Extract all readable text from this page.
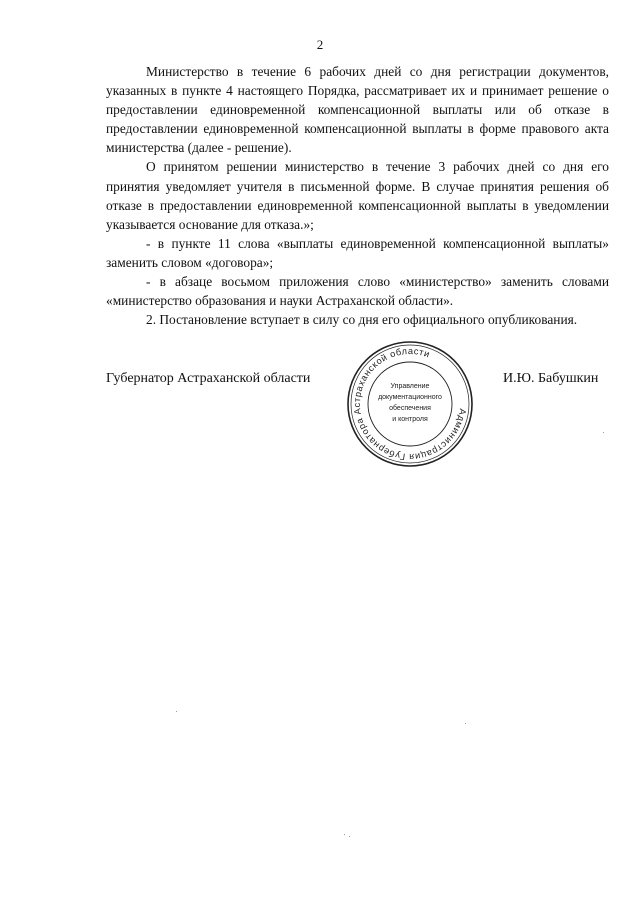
2

Министерство в течение 6 рабочих дней со дня регистрации документов, указанных в пункте 4 настоящего Порядка, рассматривает их и принимает решение о предоставлении единовременной компенсационной выплаты или об отказе в предоставлении единовременной компенсационной выплаты в форме правового акта министерства (далее - решение).

О принятом решении министерство в течение 3 рабочих дней со дня его принятия уведомляет учителя в письменной форме. В случае принятия решения об отказе в предоставлении единовременной компенсационной выплаты в уведомлении указывается основание для отказа.»;

- в пункте 11 слова «выплаты единовременной компенсационной выплаты» заменить словом «договора»;

- в абзаце восьмом приложения слово «министерство» заменить словами «министерство образования и науки Астраханской области».

2. Постановление вступает в силу со дня его официального опубликования.

Губернатор Астраханской области	И.Ю. Бабушкин
Администрация Губернатора Астраханской области
Управление
документационного
обеспечения
и контроля
